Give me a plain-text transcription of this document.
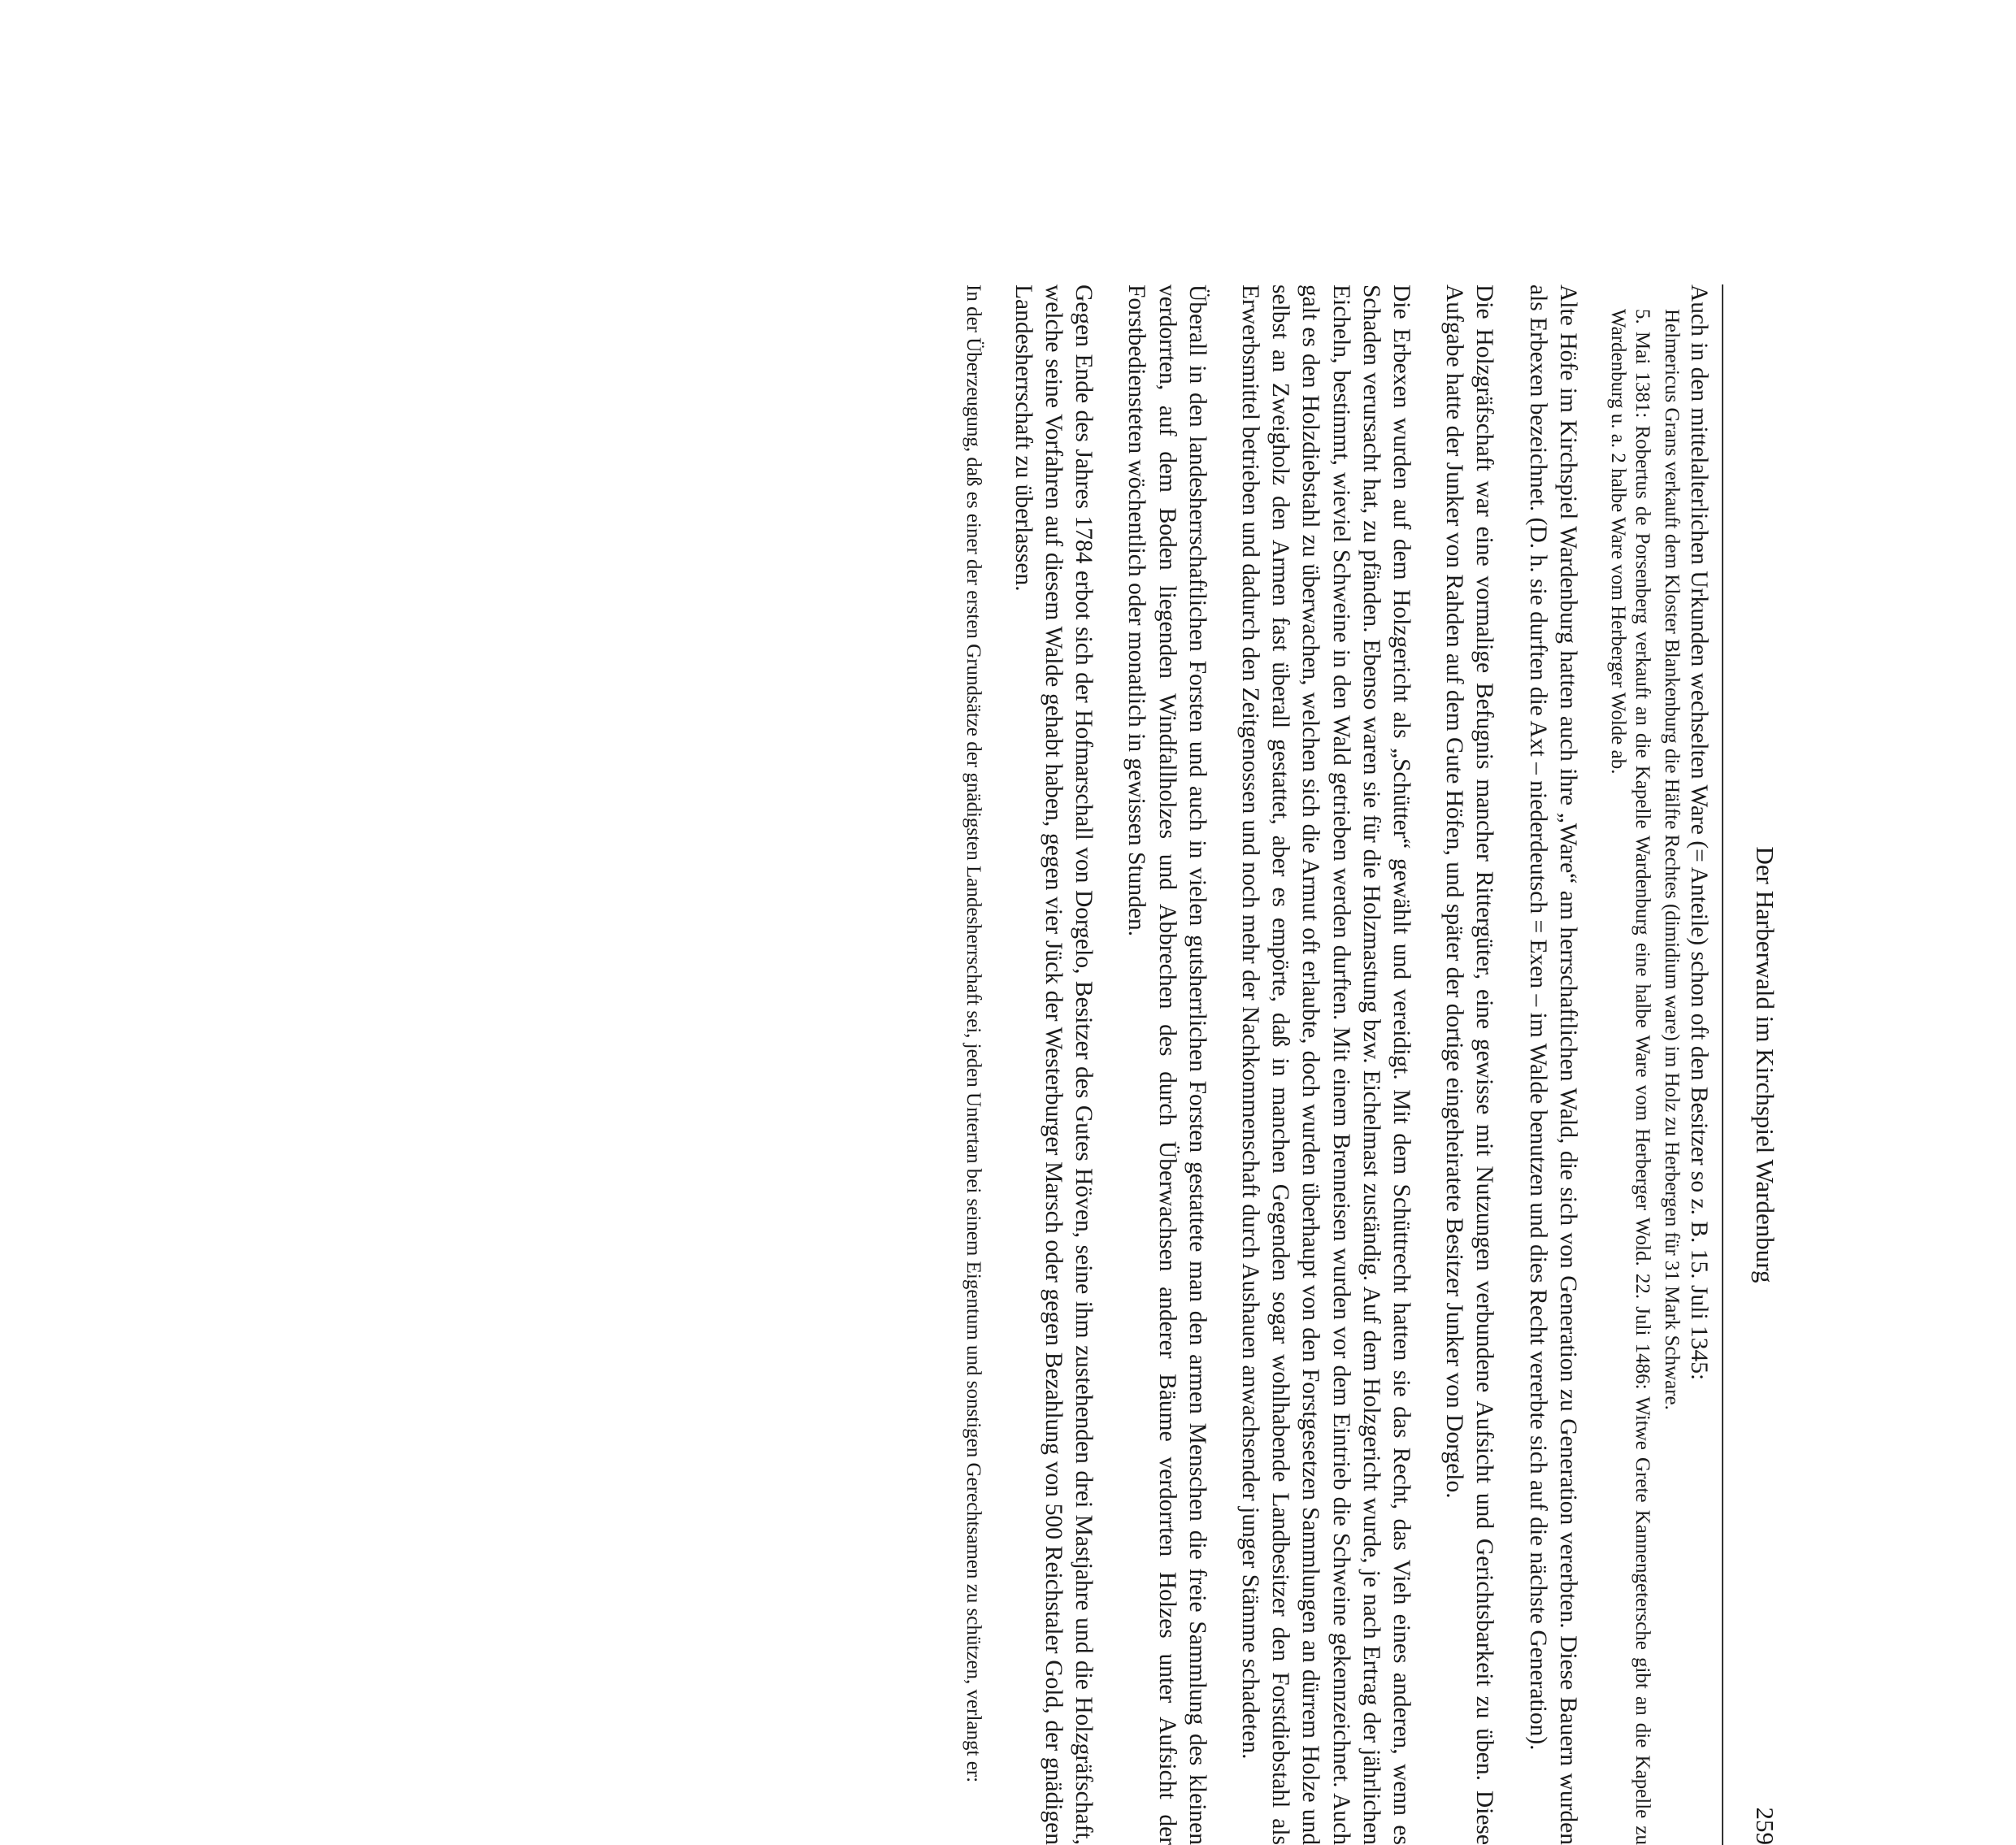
Der Harberwald im Kirchspiel Wardenburg
259

Auch in den mittelalterlichen Urkunden wechselten Ware (= Anteile) schon oft den Besitzer so z. B. 15. Juli 1345:

Helmericus Grans verkauft dem Kloster Blankenburg die Hälfte Rechtes (dimidium ware) im Holz zu Herbergen für 31 Mark Schware.

5. Mai 1381: Robertus de Porsenberg verkauft an die Kapelle Wardenburg eine halbe Ware vom Herberger Wold. 22. Juli 1486: Witwe Grete Kannengetersche gibt an die Kapelle zu Wardenburg u. a. 2 halbe Ware vom Herberger Wolde ab.

Alte Höfe im Kirchspiel Wardenburg hatten auch ihre „Ware“ am herrschaftlichen Wald, die sich von Generation zu Generation vererbten. Diese Bauern wurden als Erbexen bezeichnet. (D. h. sie durften die Axt – niederdeutsch = Exen – im Walde benutzen und dies Recht vererbte sich auf die nächste Generation).

Die Holzgräfschaft war eine vormalige Befugnis mancher Rittergüter, eine gewisse mit Nutzungen verbundene Aufsicht und Gerichtsbarkeit zu üben. Diese Aufgabe hatte der Junker von Rahden auf dem Gute Höfen, und später der dortige eingeheiratete Besitzer Junker von Dorgelo.

Die Erbexen wurden auf dem Holzgericht als „Schütter“ gewählt und vereidigt. Mit dem Schüttrecht hatten sie das Recht, das Vieh eines anderen, wenn es Schaden verursacht hat, zu pfänden. Ebenso waren sie für die Holzmastung bzw. Eichelmast zuständig. Auf dem Holzgericht wurde, je nach Ertrag der jährlichen Eicheln, bestimmt, wieviel Schweine in den Wald getrieben werden durften. Mit einem Brenneisen wurden vor dem Eintrieb die Schweine gekennzeichnet. Auch galt es den Holzdiebstahl zu überwachen, welchen sich die Armut oft erlaubte, doch wurden überhaupt von den Forstgesetzen Sammlungen an dürrem Holze und selbst an Zweigholz den Armen fast überall gestattet, aber es empörte, daß in manchen Gegenden sogar wohlhabende Landbesitzer den Forstdiebstahl als Erwerbsmittel betrieben und dadurch den Zeitgenossen und noch mehr der Nachkommenschaft durch Aushauen anwachsender junger Stämme schadeten.

Überall in den landesherrschaftlichen Forsten und auch in vielen gutsherrlichen Forsten gestattete man den armen Menschen die freie Sammlung des kleinen verdorrten, auf dem Boden liegenden Windfallholzes und Abbrechen des durch Überwachsen anderer Bäume verdorrten Holzes unter Aufsicht der Forstbediensteten wöchentlich oder monatlich in gewissen Stunden.

Gegen Ende des Jahres 1784 erbot sich der Hofmarschall von Dorgelo, Besitzer des Gutes Höven, seine ihm zustehenden drei Mastjahre und die Holzgräfschaft, welche seine Vorfahren auf diesem Walde gehabt haben, gegen vier Jück der Westerburger Marsch oder gegen Bezahlung von 500 Reichstaler Gold, der gnädigen Landesherrschaft zu überlassen.

In der Überzeugung, daß es einer der ersten Grundsätze der gnädigsten Landesherrschaft sei, jeden Untertan bei seinem Eigentum und sonstigen Gerechtsamen zu schützen, verlangt er:
